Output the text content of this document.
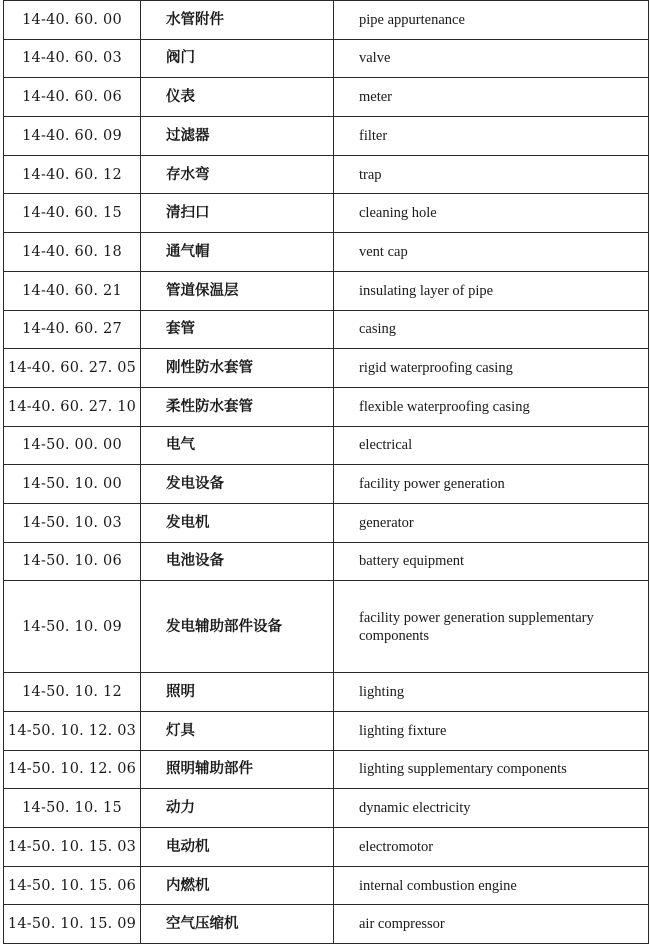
14-40. 60. 00	水管附件	pipe appurtenance
14-40. 60. 03	阀门	valve
14-40. 60. 06	仪表	meter
14-40. 60. 09	过滤器	filter
14-40. 60. 12	存水弯	trap
14-40. 60. 15	清扫口	cleaning hole
14-40. 60. 18	通气帽	vent cap
14-40. 60. 21	管道保温层	insulating layer of pipe
14-40. 60. 27	套管	casing
14-40. 60. 27. 05	刚性防水套管	rigid waterproofing casing
14-40. 60. 27. 10	柔性防水套管	flexible waterproofing casing
14-50. 00. 00	电气	electrical
14-50. 10. 00	发电设备	facility power generation
14-50. 10. 03	发电机	generator
14-50. 10. 06	电池设备	battery equipment
14-50. 10. 09	发电辅助部件设备	facility power generation supplementary components
14-50. 10. 12	照明	lighting
14-50. 10. 12. 03	灯具	lighting fixture
14-50. 10. 12. 06	照明辅助部件	lighting supplementary components
14-50. 10. 15	动力	dynamic electricity
14-50. 10. 15. 03	电动机	electromotor
14-50. 10. 15. 06	内燃机	internal combustion engine
14-50. 10. 15. 09	空气压缩机	air compressor
